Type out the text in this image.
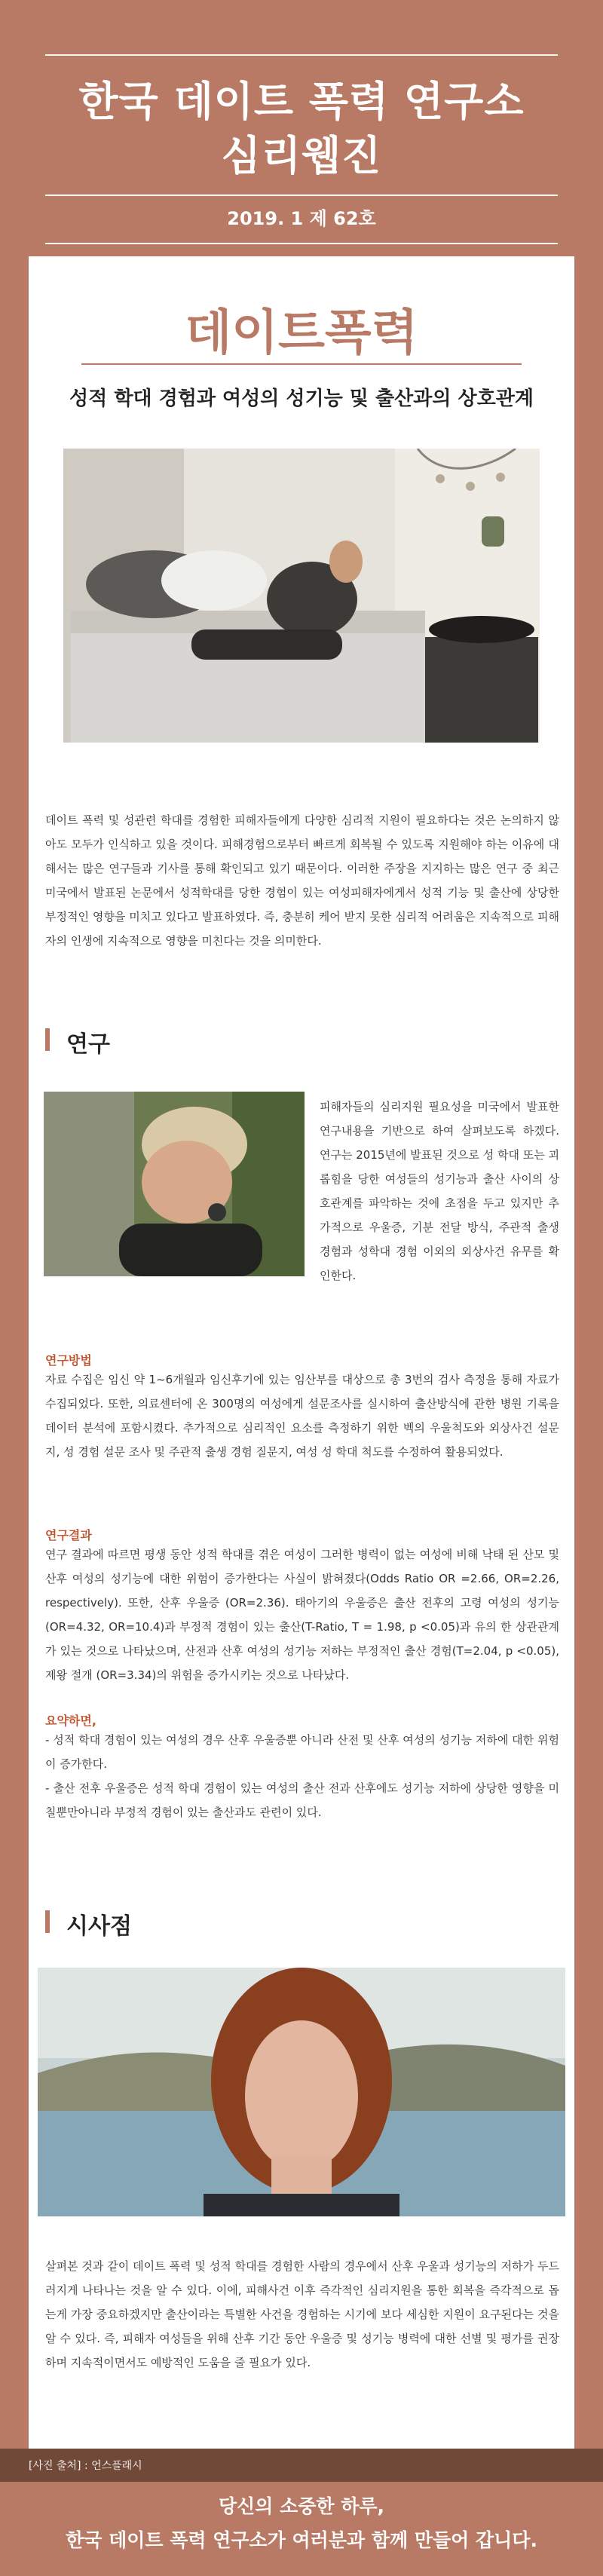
한국 데이트 폭력 연구소
심리웹진
2019. 1 제 62호
데이트폭력
성적 학대 경험과 여성의 성기능 및 출산과의 상호관계

데이트 폭력 및 성관련 학대를 경험한 피해자들에게 다양한 심리적 지원이 필요하다는 것은 논의하지 않아도 모두가 인식하고 있을 것이다. 피해경험으로부터 빠르게 회복될 수 있도록 지원해야 하는 이유에 대해서는 많은 연구들과 기사를 통해 확인되고 있기 때문이다. 이러한 주장을 지지하는 많은 연구 중 최근 미국에서 발표된 논문에서 성적학대를 당한 경험이 있는 여성피해자에게서 성적 기능 및 출산에 상당한 부정적인 영향을 미치고 있다고 발표하였다. 즉, 충분히 케어 받지 못한 심리적 어려움은 지속적으로 피해자의 인생에 지속적으로 영향을 미친다는 것을 의미한다.

연구

피해자들의 심리지원 필요성을 미국에서 발표한 연구내용을 기반으로 하여 살펴보도록 하겠다. 연구는 2015년에 발표된 것으로 성 학대 또는 괴롭힘을 당한 여성들의 성기능과 출산 사이의 상호관계를 파악하는 것에 초점을 두고 있지만 추가적으로 우울증, 기분 전달 방식, 주관적 출생 경험과 성학대 경험 이외의 외상사건 유무를 확인한다.

연구방법

자료 수집은 임신 약 1~6개월과 임신후기에 있는 임산부를 대상으로 총 3번의 검사 측정을 통해 자료가 수집되었다. 또한, 의료센터에 온 300명의 여성에게 설문조사를 실시하여 출산방식에 관한 병원 기록을 데이터 분석에 포함시켰다. 추가적으로 심리적인 요소를 측정하기 위한 벡의 우울척도와 외상사건 설문지, 성 경험 설문 조사 및 주관적 출생 경험 질문지, 여성 성 학대 척도를 수정하여 활용되었다.

연구결과

연구 결과에 따르면 평생 동안 성적 학대를 겪은 여성이 그러한 병력이 없는 여성에 비해 낙태 된 산모 및 산후 여성의 성기능에 대한 위험이 증가한다는 사실이 밝혀졌다(Odds Ratio OR =2.66, OR=2.26, respectively). 또한, 산후 우울증 (OR=2.36). 태아기의 우울증은 출산 전후의 고령 여성의 성기능(OR=4.32, OR=10.4)과 부정적 경험이 있는 출산(T-Ratio, T = 1.98, p <0.05)과 유의 한 상관관계가 있는 것으로 나타났으며, 산전과 산후 여성의 성기능 저하는 부정적인 출산 경험(T=2.04, p <0.05), 제왕 절개 (OR=3.34)의 위험을 증가시키는 것으로 나타났다.

요약하면,
- 성적 학대 경험이 있는 여성의 경우 산후 우울증뿐 아니라 산전 및 산후 여성의 성기능 저하에 대한 위험이 증가한다.
- 출산 전후 우울증은 성적 학대 경험이 있는 여성의 출산 전과 산후에도 성기능 저하에 상당한 영향을 미칠뿐만아니라 부정적 경험이 있는 출산과도 관련이 있다.
시사점

살펴본 것과 같이 데이트 폭력 및 성적 학대를 경험한 사람의 경우에서 산후 우울과 성기능의 저하가 두드러지게 나타나는 것을 알 수 있다. 이에, 피해사건 이후 즉각적인 심리지원을 통한 회복을 즉각적으로 돕는게 가장 중요하겠지만 출산이라는 특별한 사건을 경험하는 시기에 보다 세심한 지원이 요구된다는 것을 알 수 있다. 즉, 피해자 여성들을 위해 산후 기간 동안 우울증 및 성기능 병력에 대한 선별 및 평가를 권장하며 지속적이면서도 예방적인 도움을 줄 필요가 있다.

[사진 출처] : 언스플래시
당신의 소중한 하루,
한국 데이트 폭력 연구소가 여러분과 함께 만들어 갑니다.
